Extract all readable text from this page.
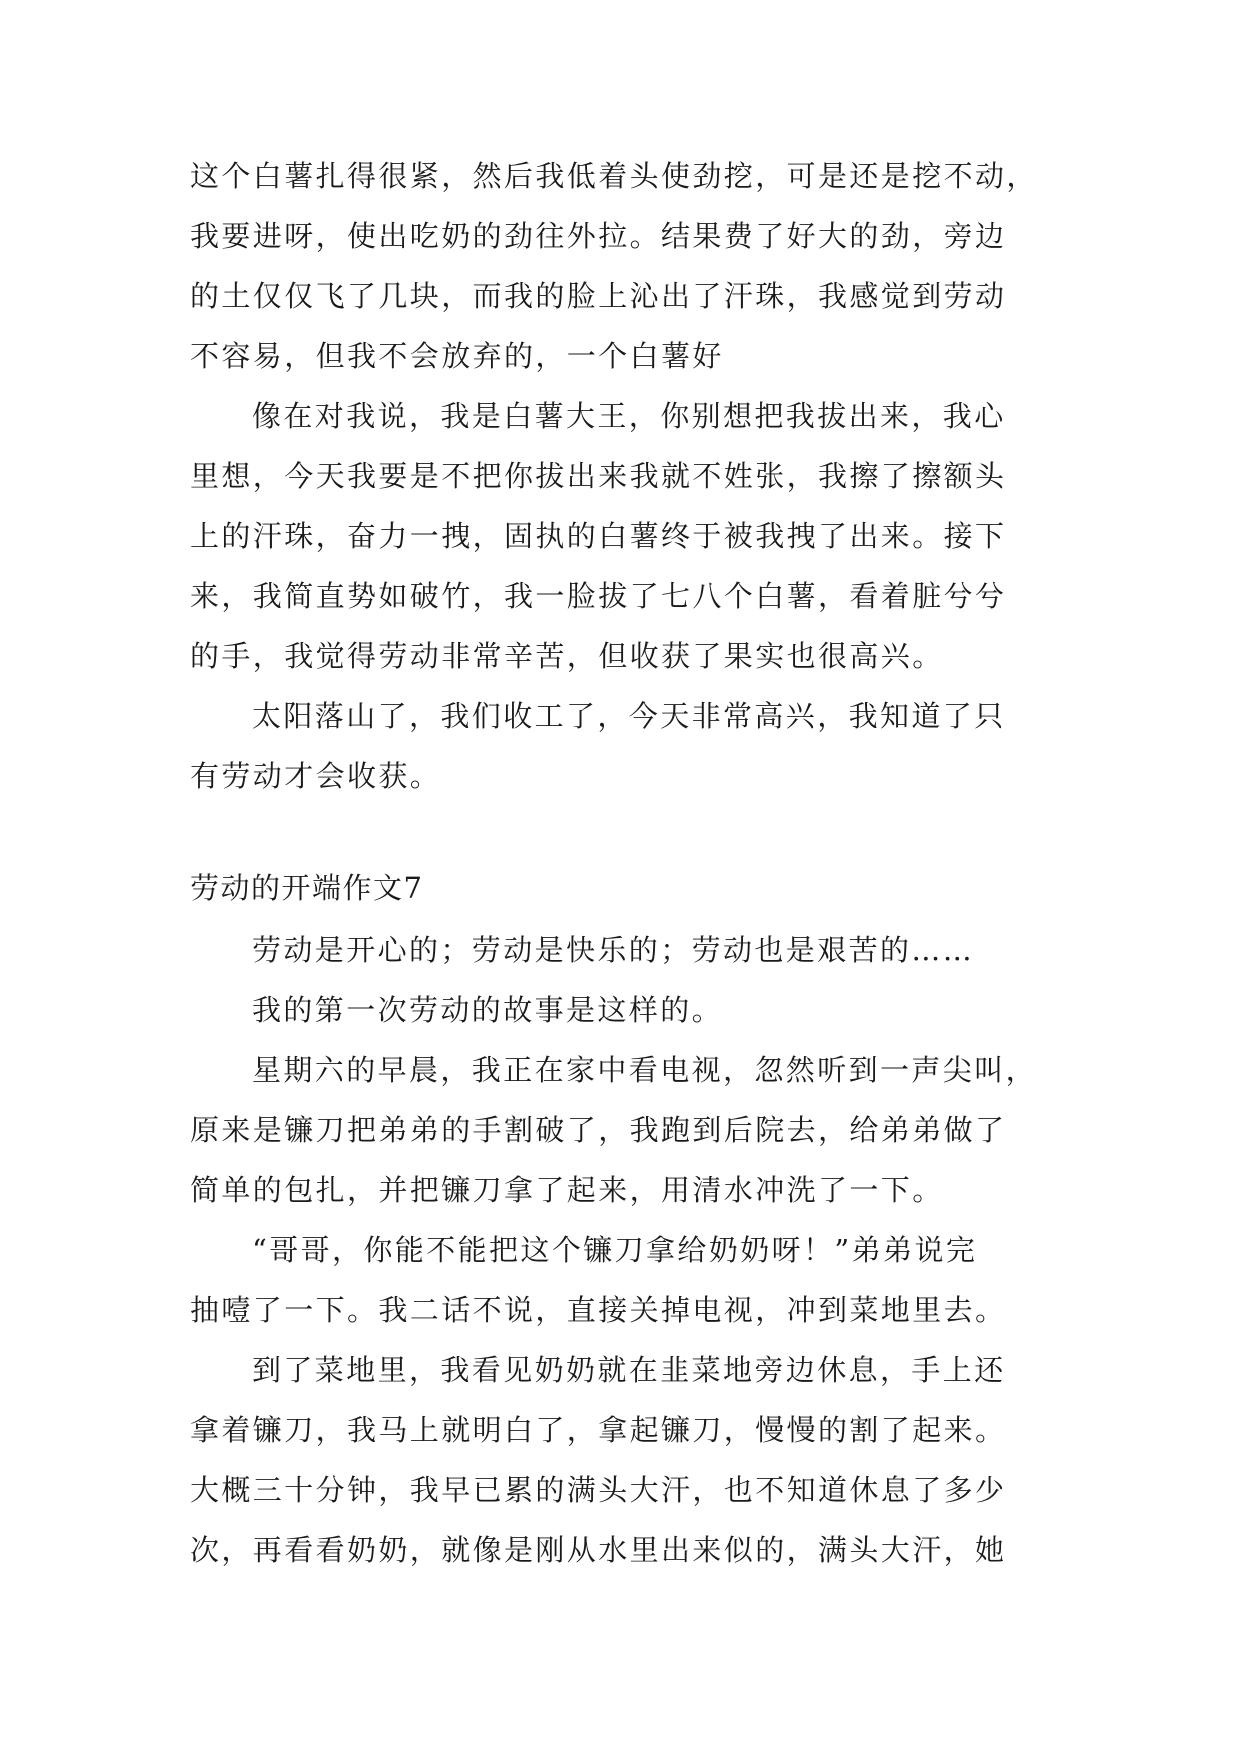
这个白薯扎得很紧，然后我低着头使劲挖，可是还是挖不动，
我要进呀，使出吃奶的劲往外拉。结果费了好大的劲，旁边
的土仅仅飞了几块，而我的脸上沁出了汗珠，我感觉到劳动
不容易，但我不会放弃的，一个白薯好
像在对我说，我是白薯大王，你别想把我拔出来，我心
里想，今天我要是不把你拔出来我就不姓张，我擦了擦额头
上的汗珠，奋力一拽，固执的白薯终于被我拽了出来。接下
来，我简直势如破竹，我一脸拔了七八个白薯，看着脏兮兮
的手，我觉得劳动非常辛苦，但收获了果实也很高兴。
太阳落山了，我们收工了，今天非常高兴，我知道了只
有劳动才会收获。
劳动的开端作文7
劳动是开心的；劳动是快乐的；劳动也是艰苦的……
我的第一次劳动的故事是这样的。
星期六的早晨，我正在家中看电视，忽然听到一声尖叫，
原来是镰刀把弟弟的手割破了，我跑到后院去，给弟弟做了
简单的包扎，并把镰刀拿了起来，用清水冲洗了一下。
“哥哥，你能不能把这个镰刀拿给奶奶呀！”弟弟说完
抽噎了一下。我二话不说，直接关掉电视，冲到菜地里去。
到了菜地里，我看见奶奶就在韭菜地旁边休息，手上还
拿着镰刀，我马上就明白了，拿起镰刀，慢慢的割了起来。
大概三十分钟，我早已累的满头大汗，也不知道休息了多少
次，再看看奶奶，就像是刚从水里出来似的，满头大汗，她
